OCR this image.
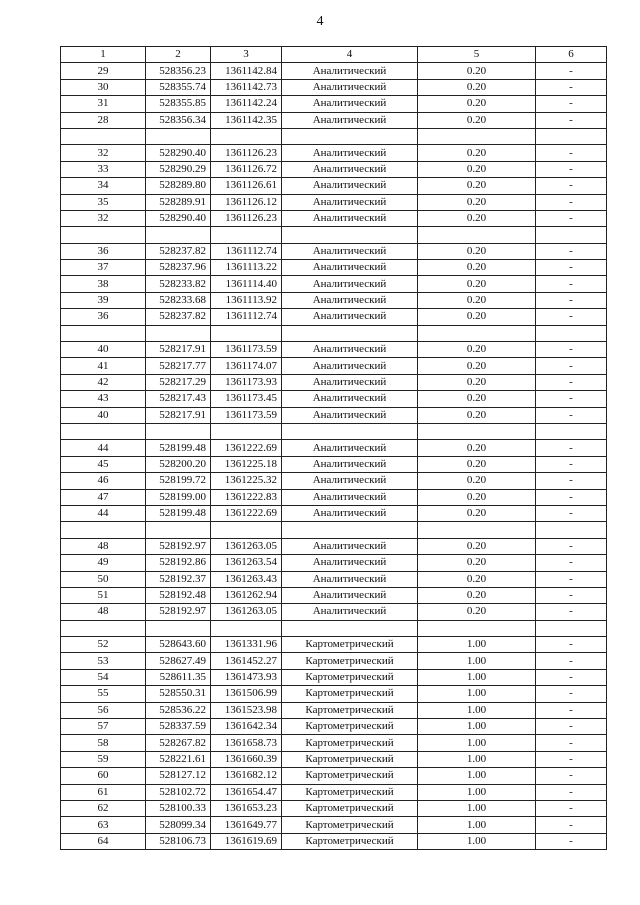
4
1	2	3	4	5	6
29	528356.23	1361142.84	Аналитический	0.20	-
30	528355.74	1361142.73	Аналитический	0.20	-
31	528355.85	1361142.24	Аналитический	0.20	-
28	528356.34	1361142.35	Аналитический	0.20	-

32	528290.40	1361126.23	Аналитический	0.20	-
33	528290.29	1361126.72	Аналитический	0.20	-
34	528289.80	1361126.61	Аналитический	0.20	-
35	528289.91	1361126.12	Аналитический	0.20	-
32	528290.40	1361126.23	Аналитический	0.20	-

36	528237.82	1361112.74	Аналитический	0.20	-
37	528237.96	1361113.22	Аналитический	0.20	-
38	528233.82	1361114.40	Аналитический	0.20	-
39	528233.68	1361113.92	Аналитический	0.20	-
36	528237.82	1361112.74	Аналитический	0.20	-

40	528217.91	1361173.59	Аналитический	0.20	-
41	528217.77	1361174.07	Аналитический	0.20	-
42	528217.29	1361173.93	Аналитический	0.20	-
43	528217.43	1361173.45	Аналитический	0.20	-
40	528217.91	1361173.59	Аналитический	0.20	-

44	528199.48	1361222.69	Аналитический	0.20	-
45	528200.20	1361225.18	Аналитический	0.20	-
46	528199.72	1361225.32	Аналитический	0.20	-
47	528199.00	1361222.83	Аналитический	0.20	-
44	528199.48	1361222.69	Аналитический	0.20	-

48	528192.97	1361263.05	Аналитический	0.20	-
49	528192.86	1361263.54	Аналитический	0.20	-
50	528192.37	1361263.43	Аналитический	0.20	-
51	528192.48	1361262.94	Аналитический	0.20	-
48	528192.97	1361263.05	Аналитический	0.20	-

52	528643.60	1361331.96	Картометрический	1.00	-
53	528627.49	1361452.27	Картометрический	1.00	-
54	528611.35	1361473.93	Картометрический	1.00	-
55	528550.31	1361506.99	Картометрический	1.00	-
56	528536.22	1361523.98	Картометрический	1.00	-
57	528337.59	1361642.34	Картометрический	1.00	-
58	528267.82	1361658.73	Картометрический	1.00	-
59	528221.61	1361660.39	Картометрический	1.00	-
60	528127.12	1361682.12	Картометрический	1.00	-
61	528102.72	1361654.47	Картометрический	1.00	-
62	528100.33	1361653.23	Картометрический	1.00	-
63	528099.34	1361649.77	Картометрический	1.00	-
64	528106.73	1361619.69	Картометрический	1.00	-
